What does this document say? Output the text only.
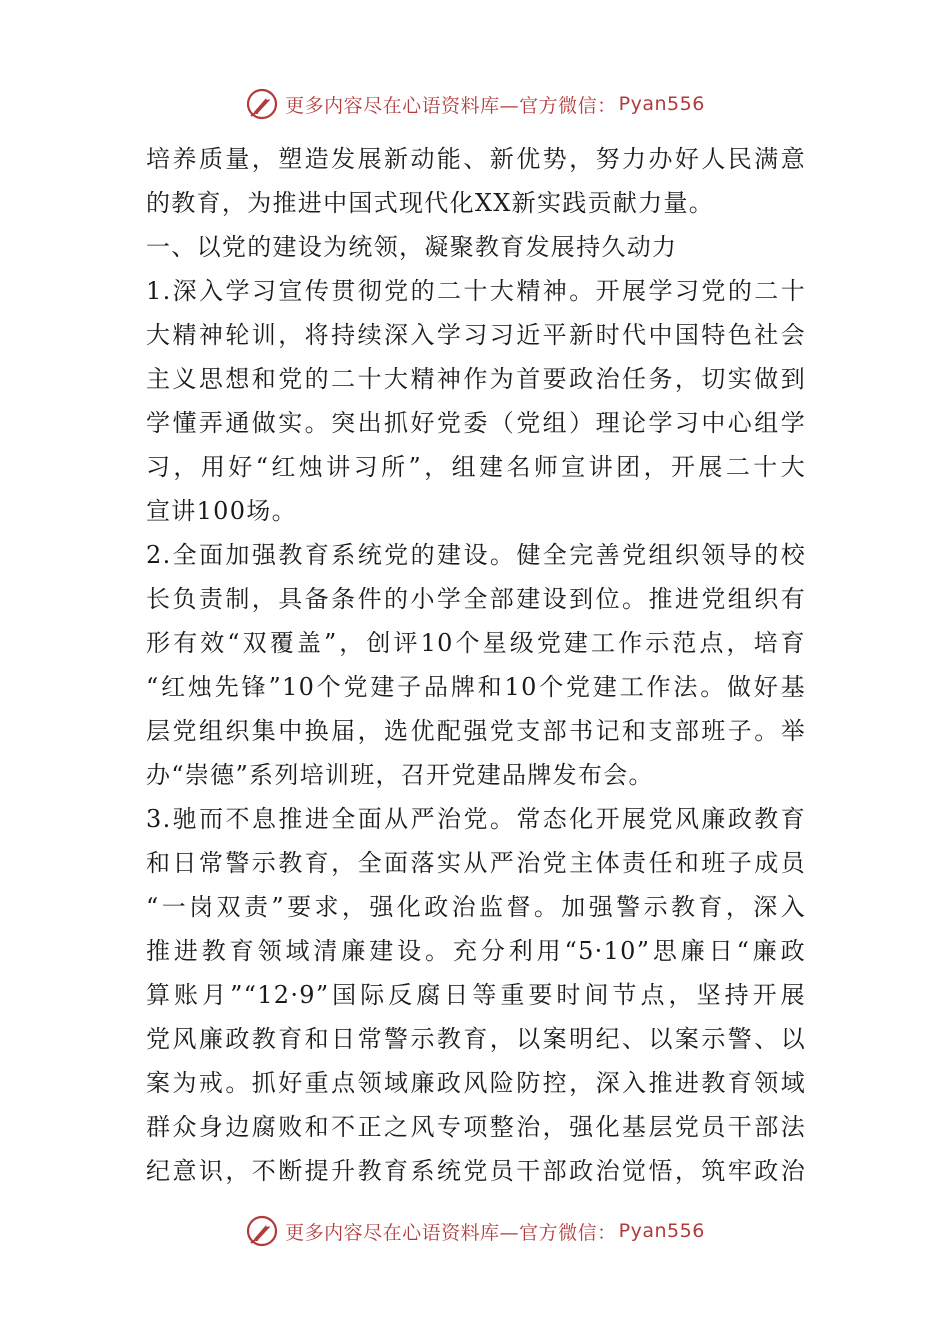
更多内容尽在心语资料库—官方微信： Pyan556
培养质量，塑造发展新动能、新优势，努力办好人民满意
的教育，为推进中国式现代化XX新实践贡献力量。
一、以党的建设为统领，凝聚教育发展持久动力
1.深入学习宣传贯彻党的二十大精神。开展学习党的二十
大精神轮训，将持续深入学习习近平新时代中国特色社会
主义思想和党的二十大精神作为首要政治任务，切实做到
学懂弄通做实。突出抓好党委（党组）理论学习中心组学
习，用好“红烛讲习所”，组建名师宣讲团，开展二十大
宣讲100场。
2.全面加强教育系统党的建设。健全完善党组织领导的校
长负责制，具备条件的小学全部建设到位。推进党组织有
形有效“双覆盖”，创评10个星级党建工作示范点，培育
“红烛先锋”10个党建子品牌和10个党建工作法。做好基
层党组织集中换届，选优配强党支部书记和支部班子。举
办“崇德”系列培训班，召开党建品牌发布会。
3.驰而不息推进全面从严治党。常态化开展党风廉政教育
和日常警示教育，全面落实从严治党主体责任和班子成员
“一岗双责”要求，强化政治监督。加强警示教育，深入
推进教育领域清廉建设。充分利用“5·10”思廉日“廉政
算账月”“12·9”国际反腐日等重要时间节点，坚持开展
党风廉政教育和日常警示教育，以案明纪、以案示警、以
案为戒。抓好重点领域廉政风险防控，深入推进教育领域
群众身边腐败和不正之风专项整治，强化基层党员干部法
纪意识，不断提升教育系统党员干部政治觉悟，筑牢政治
更多内容尽在心语资料库—官方微信： Pyan556
